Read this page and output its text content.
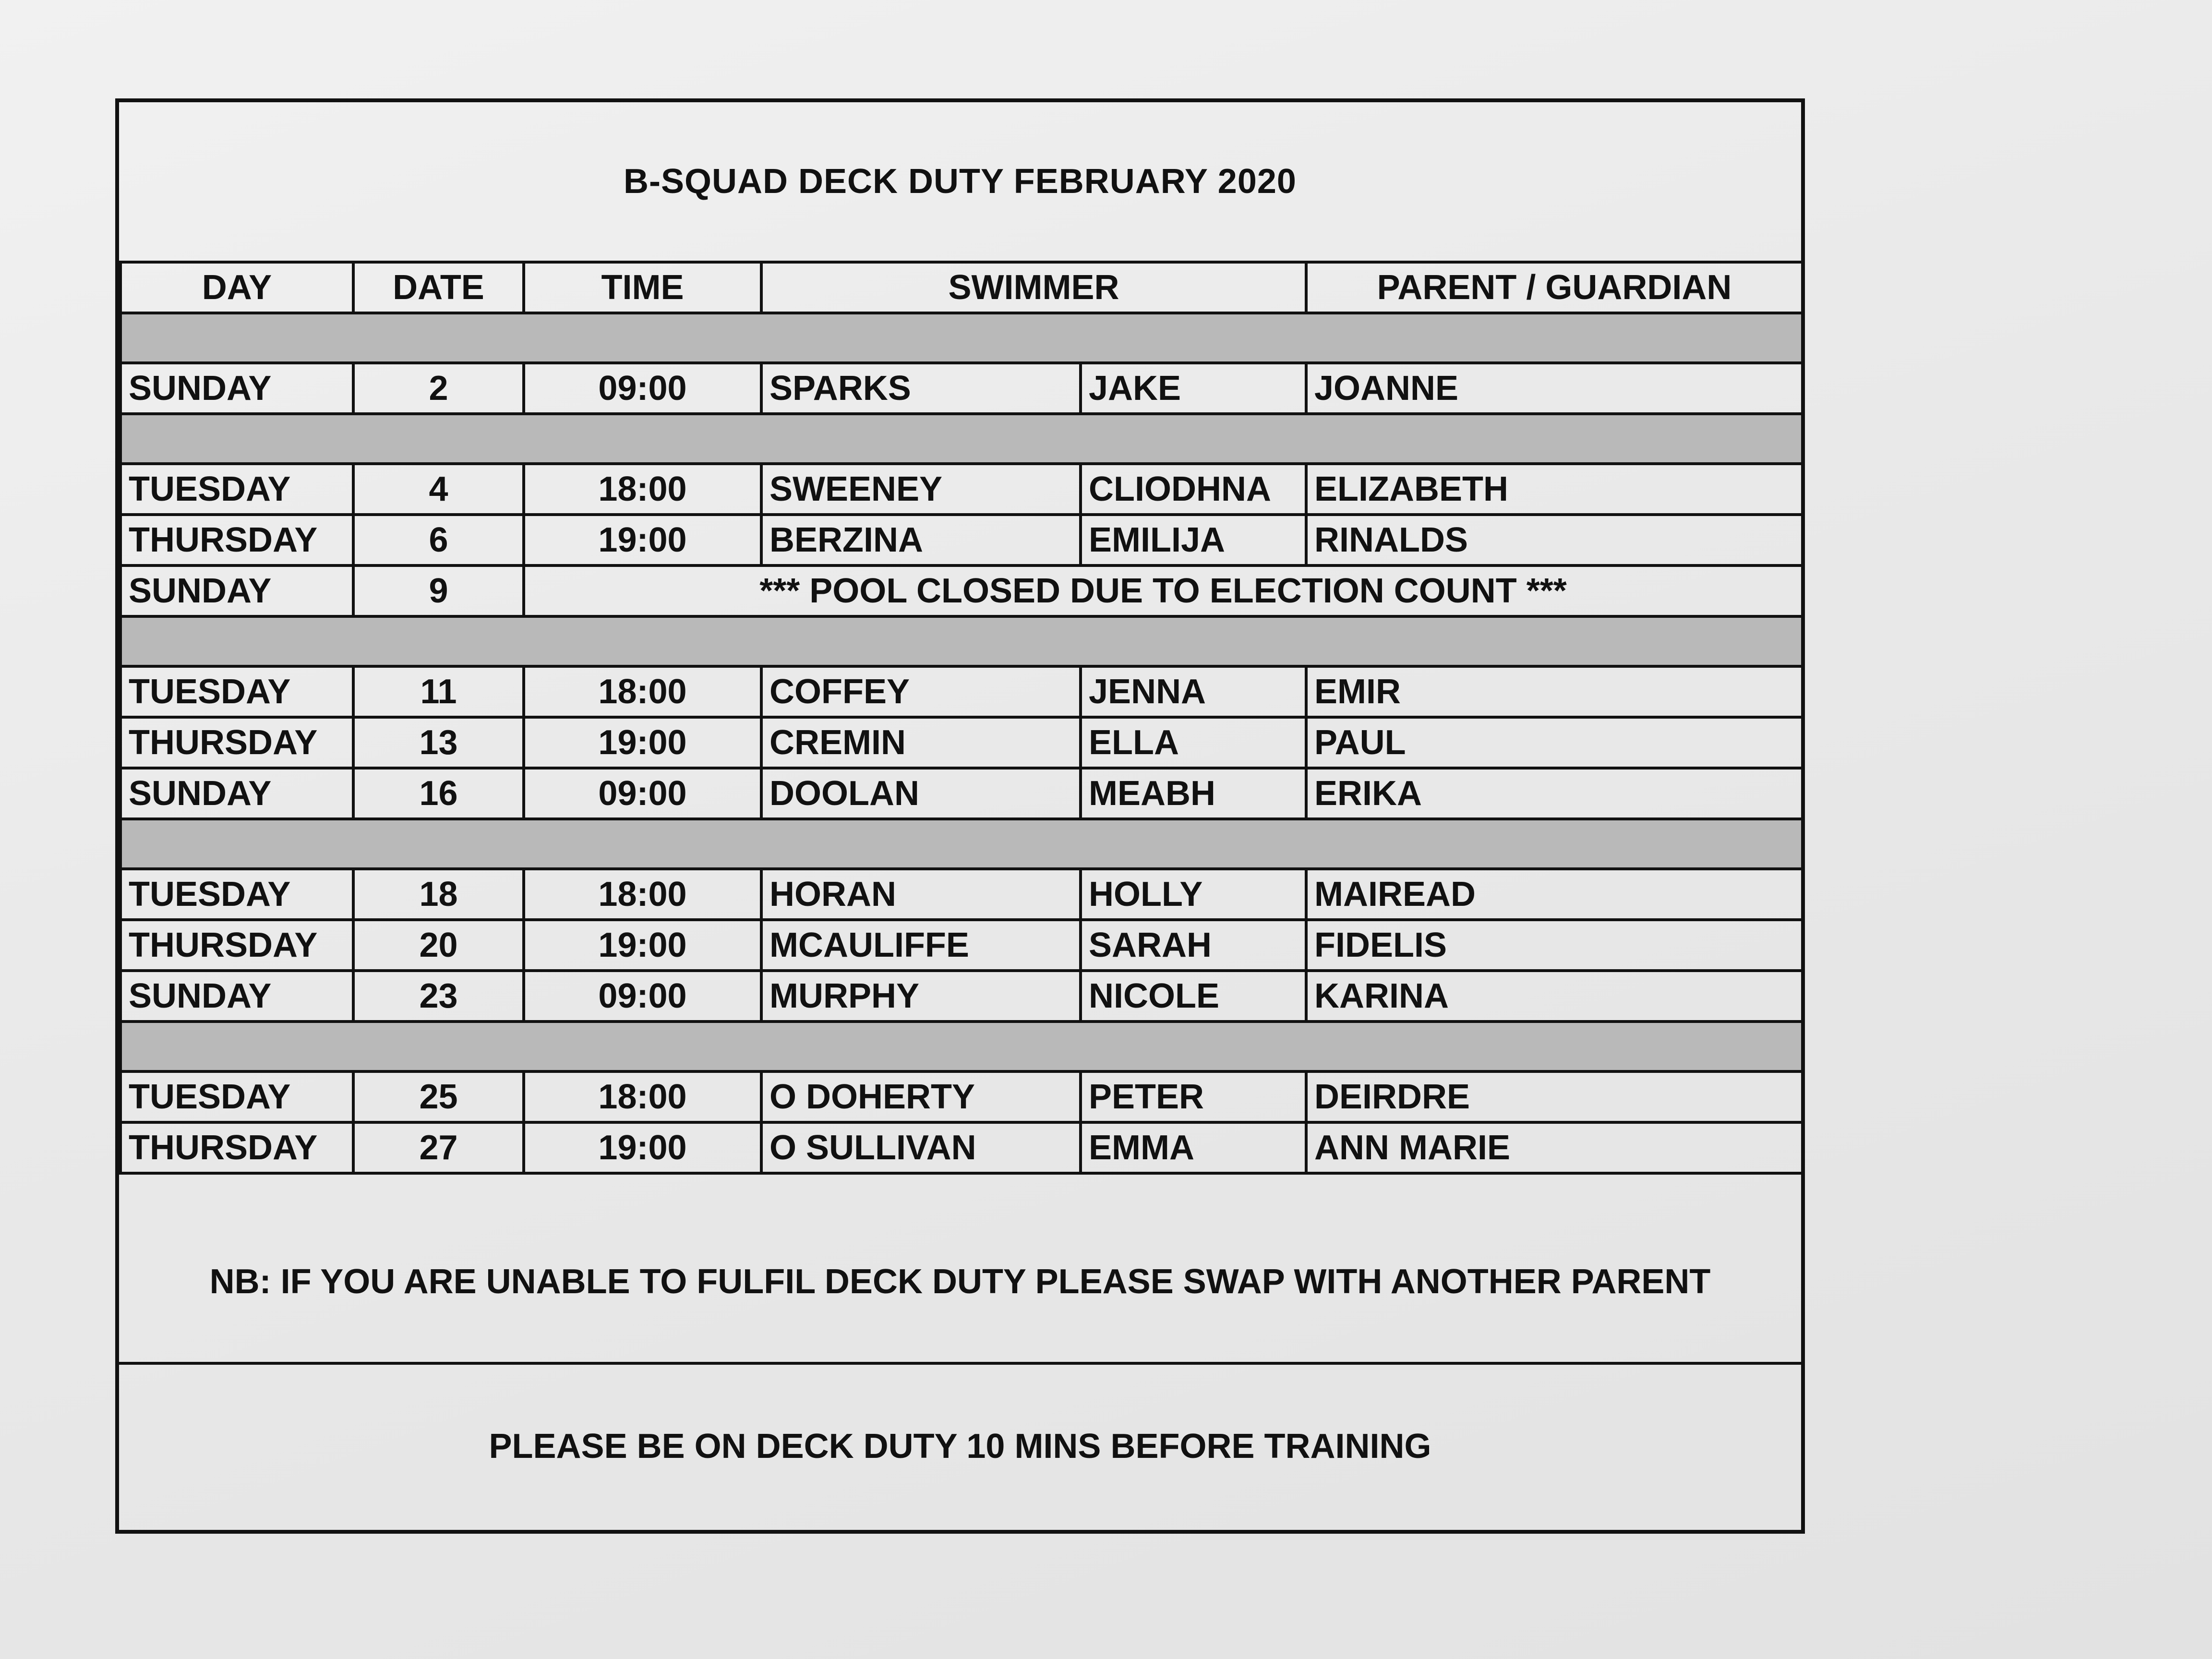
B-SQUAD DECK DUTY FEBRUARY 2020
DAY	DATE	TIME	SWIMMER		PARENT / GUARDIAN

SUNDAY	2	09:00	SPARKS	JAKE	JOANNE

TUESDAY	4	18:00	SWEENEY	CLIODHNA	ELIZABETH
THURSDAY	6	19:00	BERZINA	EMILIJA	RINALDS
SUNDAY	9	*** POOL CLOSED DUE TO ELECTION COUNT ***			

TUESDAY	11	18:00	COFFEY	JENNA	EMIR
THURSDAY	13	19:00	CREMIN	ELLA	PAUL
SUNDAY	16	09:00	DOOLAN	MEABH	ERIKA

TUESDAY	18	18:00	HORAN	HOLLY	MAIREAD
THURSDAY	20	19:00	MCAULIFFE	SARAH	FIDELIS
SUNDAY	23	09:00	MURPHY	NICOLE	KARINA

TUESDAY	25	18:00	O DOHERTY	PETER	DEIRDRE
THURSDAY	27	19:00	O SULLIVAN	EMMA	ANN MARIE
NB: IF YOU ARE UNABLE TO FULFIL DECK DUTY PLEASE SWAP WITH ANOTHER PARENT
PLEASE BE ON DECK DUTY 10 MINS BEFORE TRAINING
